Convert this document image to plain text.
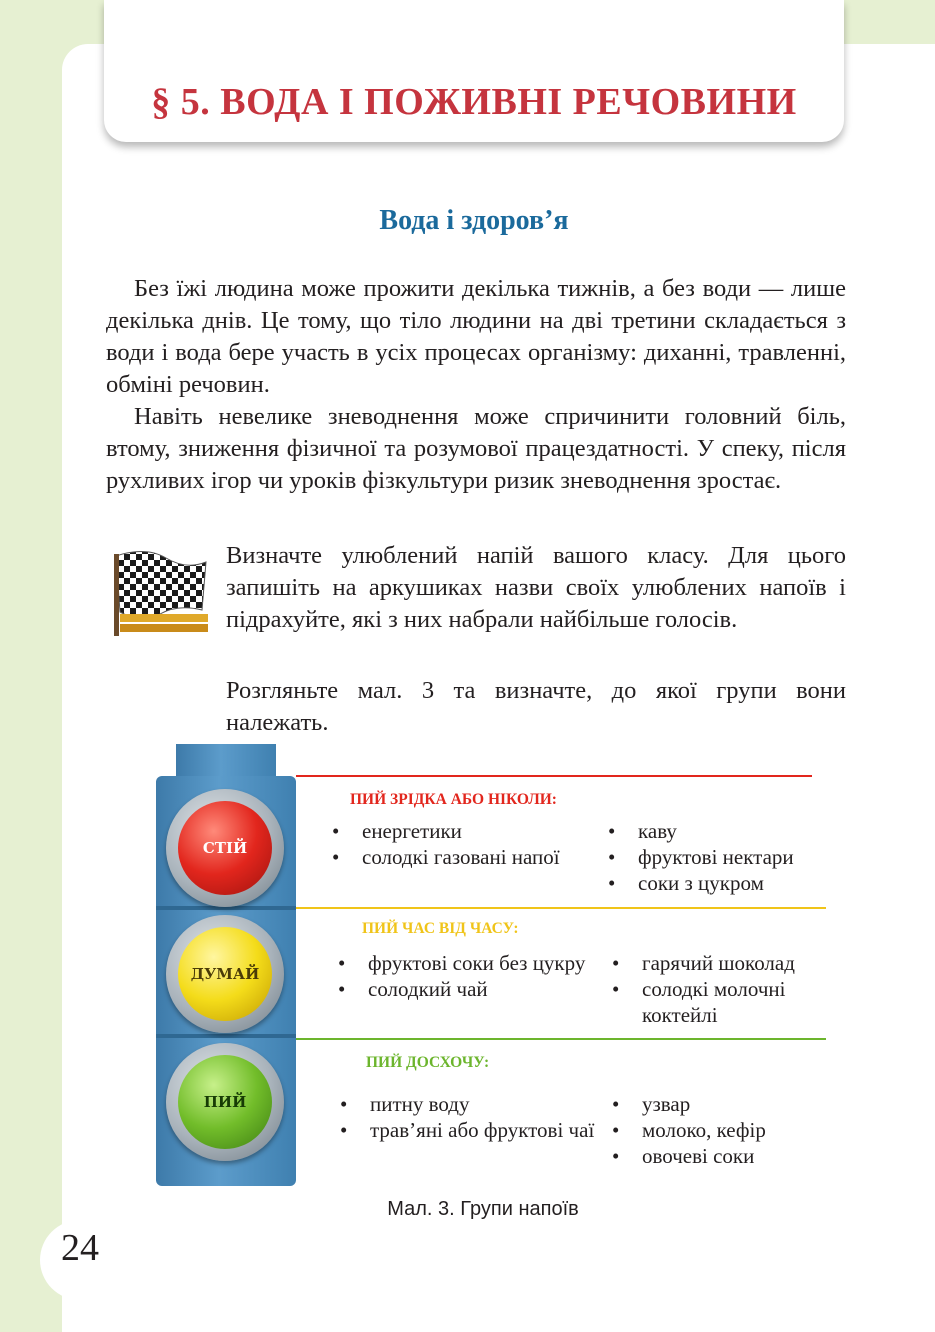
§ 5. ВОДА І ПОЖИВНІ РЕЧОВИНИ
Вода і здоров’я

Без їжі людина може прожити декілька тижнів, а без води — лише декілька днів. Це тому, що тіло людини на дві третини складається з води і вода бере участь в усіх процесах організму: диханні, травленні, обміні речовин.

Навіть невелике зневоднення може спричинити головний біль, втому, зниження фізичної та розумової працездатності. У спеку, після рухливих ігор чи уроків фізкультури ризик зневоднення зростає.

Визначте улюблений напій вашого класу. Для цього запишіть на аркушиках назви своїх улюблених напоїв і підрахуйте, які з них набрали найбільше голосів.

Розгляньте мал. 3 та визначте, до якої групи вони належать.

СТІЙ
ДУМАЙ
ПИЙ

ПИЙ ЗРІДКА АБО НІКОЛИ:

• енергетики
• солодкі газовані напої
• каву
• фруктові нектари
• соки з цукром

ПИЙ ЧАС ВІД ЧАСУ:

• фруктові соки без цукру
• солодкий чай
• гарячий шоколад
• солодкі молочні коктейлі

ПИЙ ДОСХОЧУ:

• питну воду
• трав’яні або фруктові чаї
• узвар
• молоко, кефір
• овочеві соки

Мал. 3. Групи напоїв

24
